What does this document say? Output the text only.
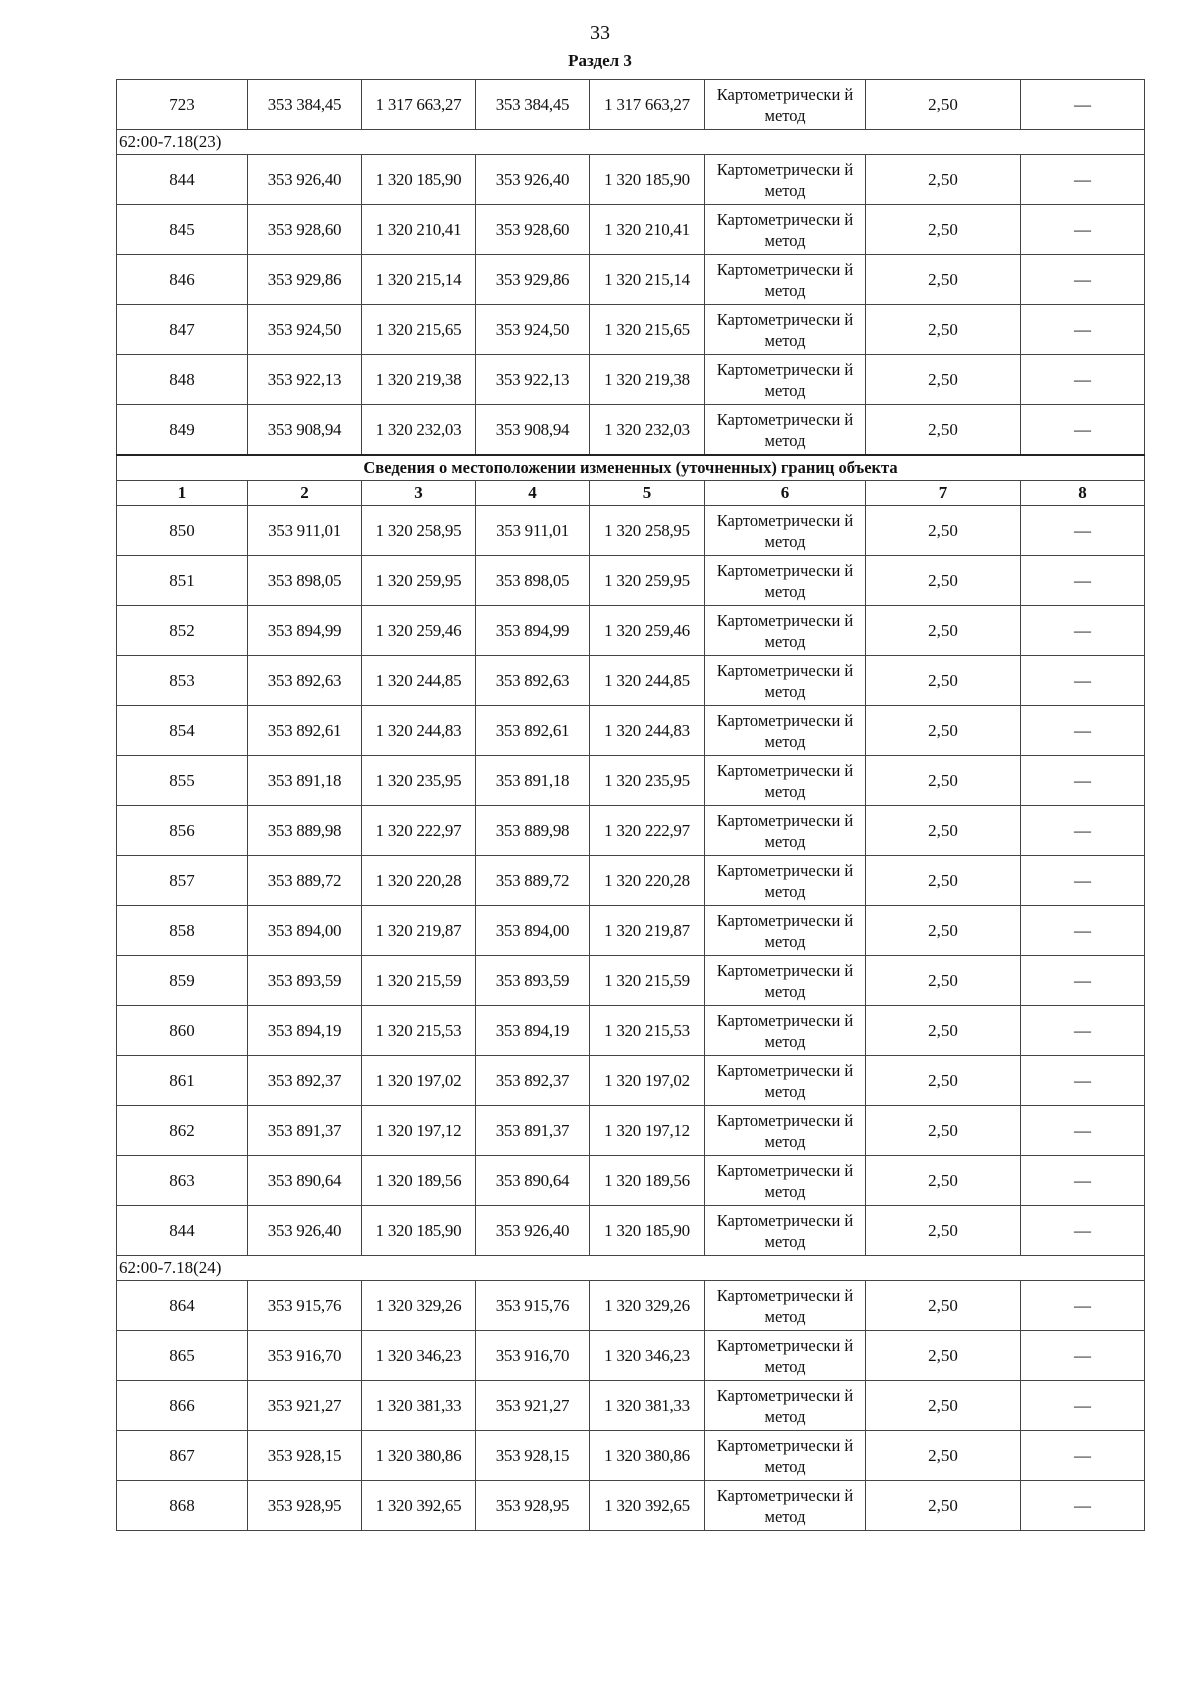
33
Раздел 3
723	353 384,45	1 317 663,27	353 384,45	1 317 663,27	Картометрически й метод	2,50	—
62:00-7.18(23)							
844	353 926,40	1 320 185,90	353 926,40	1 320 185,90	Картометрически й метод	2,50	—
845	353 928,60	1 320 210,41	353 928,60	1 320 210,41	Картометрически й метод	2,50	—
846	353 929,86	1 320 215,14	353 929,86	1 320 215,14	Картометрически й метод	2,50	—
847	353 924,50	1 320 215,65	353 924,50	1 320 215,65	Картометрически й метод	2,50	—
848	353 922,13	1 320 219,38	353 922,13	1 320 219,38	Картометрически й метод	2,50	—
849	353 908,94	1 320 232,03	353 908,94	1 320 232,03	Картометрически й метод	2,50	—
Сведения о местоположении измененных (уточненных) границ объекта							
1	2	3	4	5	6	7	8
850	353 911,01	1 320 258,95	353 911,01	1 320 258,95	Картометрически й метод	2,50	—
851	353 898,05	1 320 259,95	353 898,05	1 320 259,95	Картометрически й метод	2,50	—
852	353 894,99	1 320 259,46	353 894,99	1 320 259,46	Картометрически й метод	2,50	—
853	353 892,63	1 320 244,85	353 892,63	1 320 244,85	Картометрически й метод	2,50	—
854	353 892,61	1 320 244,83	353 892,61	1 320 244,83	Картометрически й метод	2,50	—
855	353 891,18	1 320 235,95	353 891,18	1 320 235,95	Картометрически й метод	2,50	—
856	353 889,98	1 320 222,97	353 889,98	1 320 222,97	Картометрически й метод	2,50	—
857	353 889,72	1 320 220,28	353 889,72	1 320 220,28	Картометрически й метод	2,50	—
858	353 894,00	1 320 219,87	353 894,00	1 320 219,87	Картометрически й метод	2,50	—
859	353 893,59	1 320 215,59	353 893,59	1 320 215,59	Картометрически й метод	2,50	—
860	353 894,19	1 320 215,53	353 894,19	1 320 215,53	Картометрически й метод	2,50	—
861	353 892,37	1 320 197,02	353 892,37	1 320 197,02	Картометрически й метод	2,50	—
862	353 891,37	1 320 197,12	353 891,37	1 320 197,12	Картометрически й метод	2,50	—
863	353 890,64	1 320 189,56	353 890,64	1 320 189,56	Картометрически й метод	2,50	—
844	353 926,40	1 320 185,90	353 926,40	1 320 185,90	Картометрически й метод	2,50	—
62:00-7.18(24)							
864	353 915,76	1 320 329,26	353 915,76	1 320 329,26	Картометрически й метод	2,50	—
865	353 916,70	1 320 346,23	353 916,70	1 320 346,23	Картометрически й метод	2,50	—
866	353 921,27	1 320 381,33	353 921,27	1 320 381,33	Картометрически й метод	2,50	—
867	353 928,15	1 320 380,86	353 928,15	1 320 380,86	Картометрически й метод	2,50	—
868	353 928,95	1 320 392,65	353 928,95	1 320 392,65	Картометрически й метод	2,50	—
